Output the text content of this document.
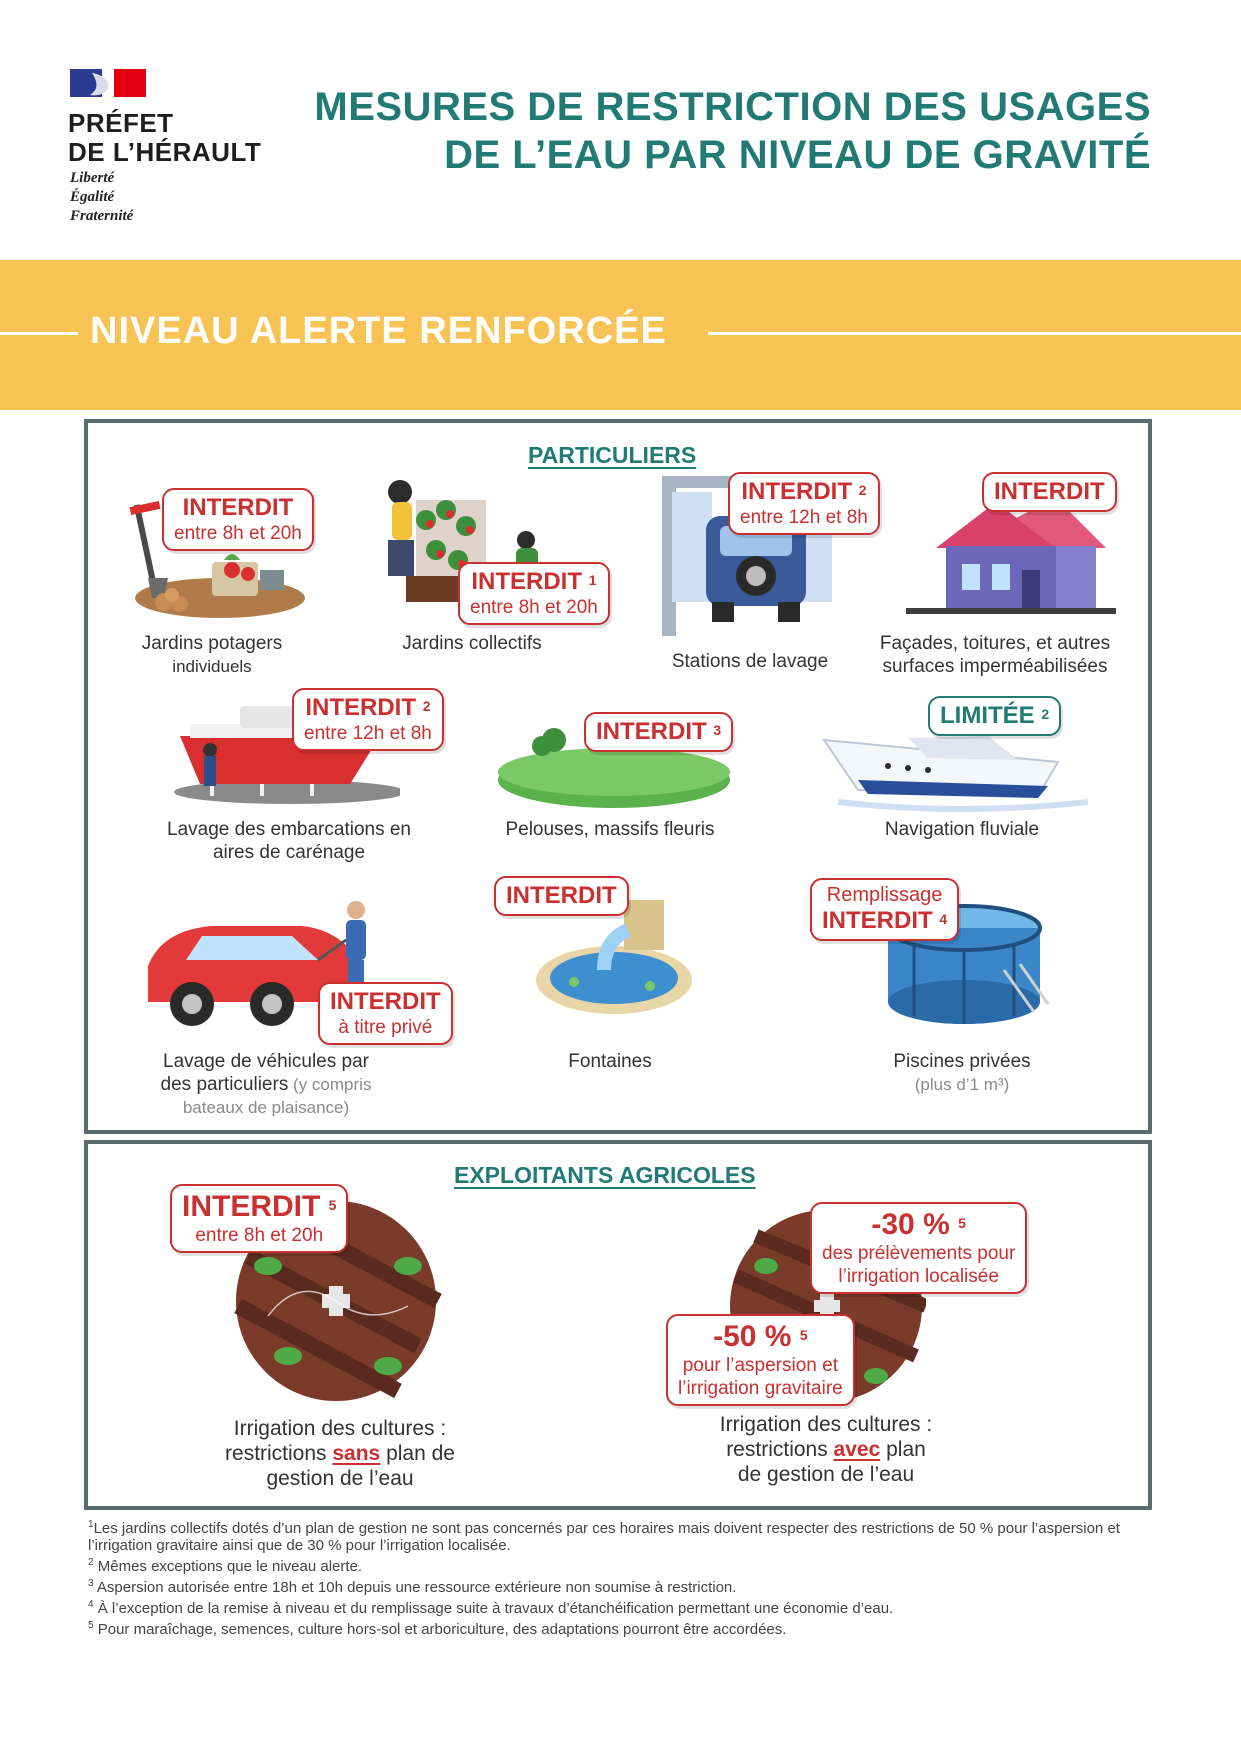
PRÉFET
DE L’HÉRAULT
Liberté
Égalité
Fraternité
MESURES DE RESTRICTION DES USAGES
DE L’EAU PAR NIVEAU DE GRAVITÉ
NIVEAU ALERTE RENFORCÉE
PARTICULIERS
INTERDIT
entre 8h et 20h
Jardins potagers
individuels
INTERDIT $^1$
entre 8h et 20h
Jardins collectifs
INTERDIT $^2$
entre 12h et 8h
Stations de lavage
INTERDIT
Façades, toitures, et autres
surfaces imperméabilisées
INTERDIT $^2$
entre 12h et 8h
Lavage des embarcations en
aires de carénage
INTERDIT $^3$
Pelouses, massifs fleuris
LIMITÉE $^2$
Navigation fluviale
INTERDIT
à titre privé
Lavage de véhicules par
des particuliers (y compris
bateaux de plaisance)
INTERDIT
Fontaines
Remplissage
INTERDIT $^4$
Piscines privées
(plus d’1 m³)
EXPLOITANTS AGRICOLES
INTERDIT $^5$
entre 8h et 20h
Irrigation des cultures :
restrictions sans plan de
gestion de l’eau
-30 % $^5$
des prélèvements pour
l’irrigation localisée
-50 % $^5$
pour l’aspersion et
l’irrigation gravitaire
Irrigation des cultures :
restrictions avec plan
de gestion de l’eau
$^1$Les jardins collectifs dotés d’un plan de gestion ne sont pas concernés par ces horaires mais doivent respecter des restrictions de 50 % pour l’aspersion et l’irrigation gravitaire ainsi que de 30 % pour l’irrigation localisée.
$^2$ Mêmes exceptions que le niveau alerte.
$^3$ Aspersion autorisée entre 18h et 10h depuis une ressource extérieure non soumise à restriction.
$^4$ À l’exception de la remise à niveau et du remplissage suite à travaux d’étanchéification permettant une économie d’eau.
$^5$ Pour maraîchage, semences, culture hors-sol et arboriculture, des adaptations pourront être accordées.
